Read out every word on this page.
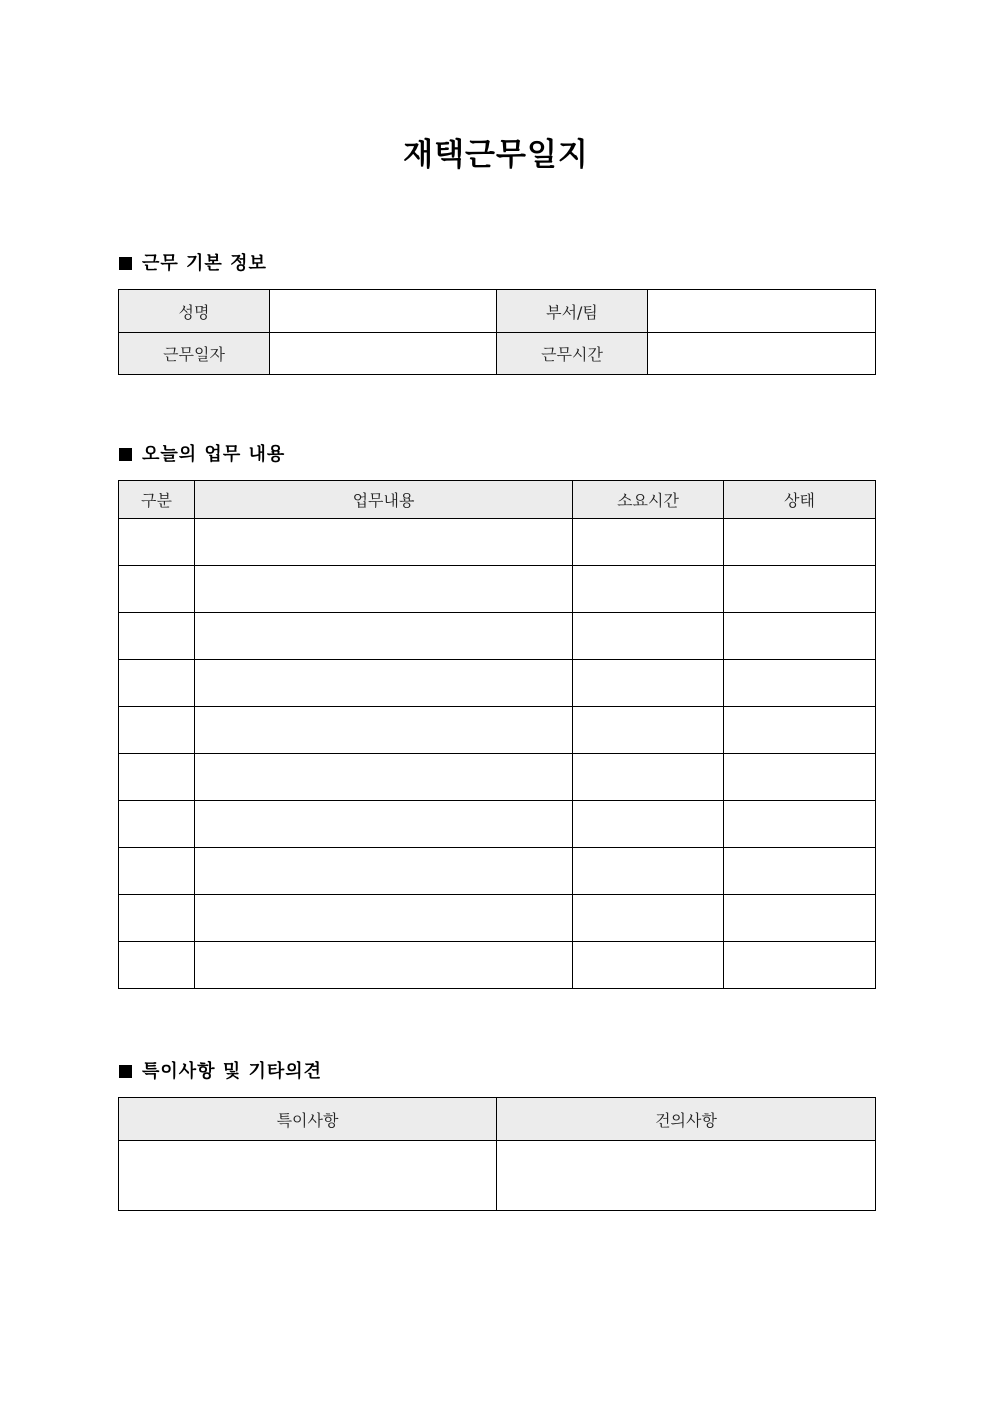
재택근무일지
근무 기본 정보
성명		부서/팀	
근무일자		근무시간	
오늘의 업무 내용
구분	업무내용	소요시간	상태

특이사항 및 기타의견
특이사항	건의사항
